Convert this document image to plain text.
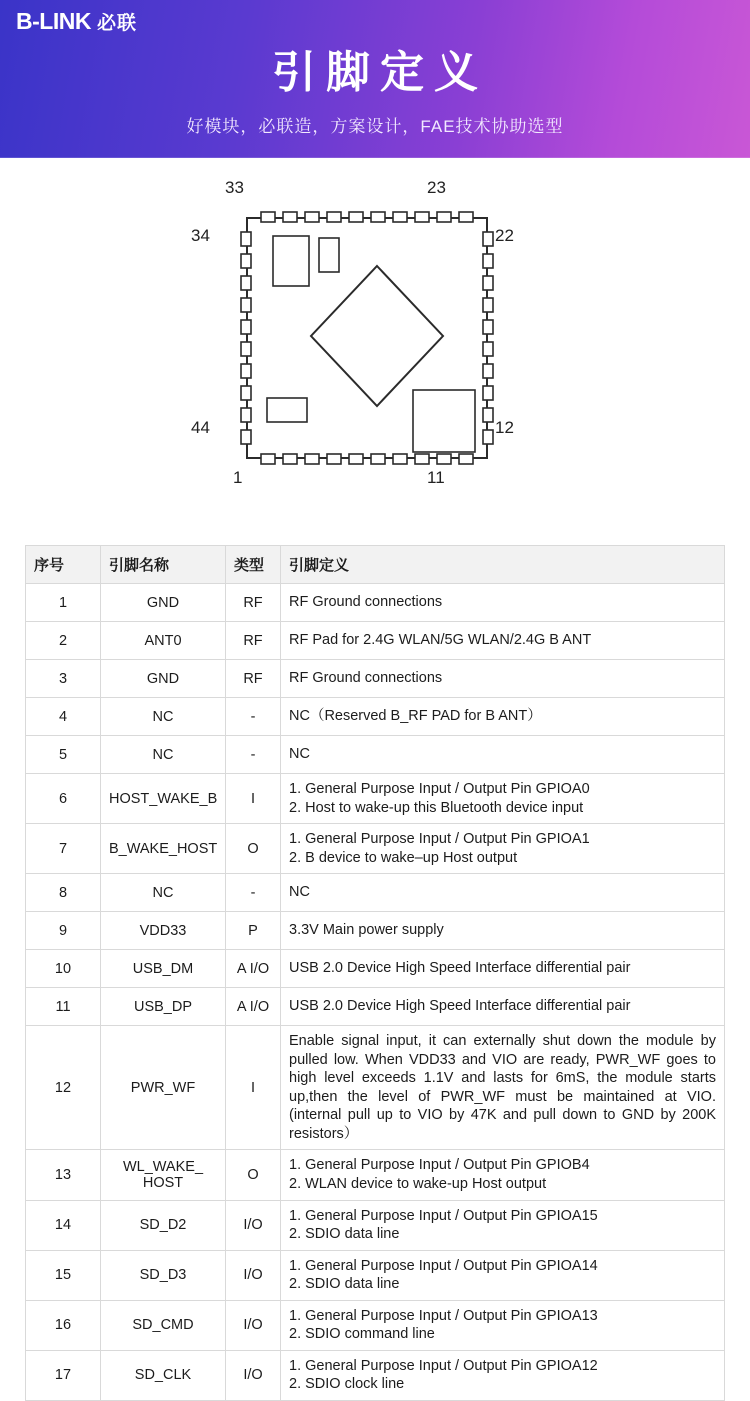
B-LINK 必联
引脚定义
好模块，必联造，方案设计，FAE技术协助选型
33	23
34	22
44	12
1	11
序号	引脚名称	类型	引脚定义
1	GND	RF	RF Ground connections

2	ANT0	RF	RF Pad for 2.4G WLAN/5G WLAN/2.4G B ANT

3	GND	RF	RF Ground connections

4	NC	-	NC（Reserved B_RF PAD for B ANT）

5	NC	-	NC

6	HOST_WAKE_B	I	1. General Purpose Input / Output Pin GPIOA0
2. Host to wake-up this Bluetooth device input

7	B_WAKE_HOST	O	1. General Purpose Input / Output Pin GPIOA1
2. B device to wake–up Host output

8	NC	-	NC

9	VDD33	P	3.3V Main power supply

10	USB_DM	A I/O	USB 2.0 Device High Speed Interface differential pair

11	USB_DP	A I/O	USB 2.0 Device High Speed Interface differential pair

12	PWR_WF	I	Enable signal input, it can externally shut down the module by pulled low. When VDD33 and VIO are ready, PWR_WF goes to high level exceeds 1.1V and lasts for 6mS, the module starts up,then the level of PWR_WF must be maintained at VIO. (internal pull up to VIO by 47K and pull down to GND by 200K resistors）

13	WL_WAKE_
HOST	O	1. General Purpose Input / Output Pin GPIOB4
2. WLAN device to wake-up Host output

14	SD_D2	I/O	1. General Purpose Input / Output Pin GPIOA15
2. SDIO data line

15	SD_D3	I/O	1. General Purpose Input / Output Pin GPIOA14
2. SDIO data line

16	SD_CMD	I/O	1. General Purpose Input / Output Pin GPIOA13
2. SDIO command line

17	SD_CLK	I/O	1. General Purpose Input / Output Pin GPIOA12
2. SDIO clock line
